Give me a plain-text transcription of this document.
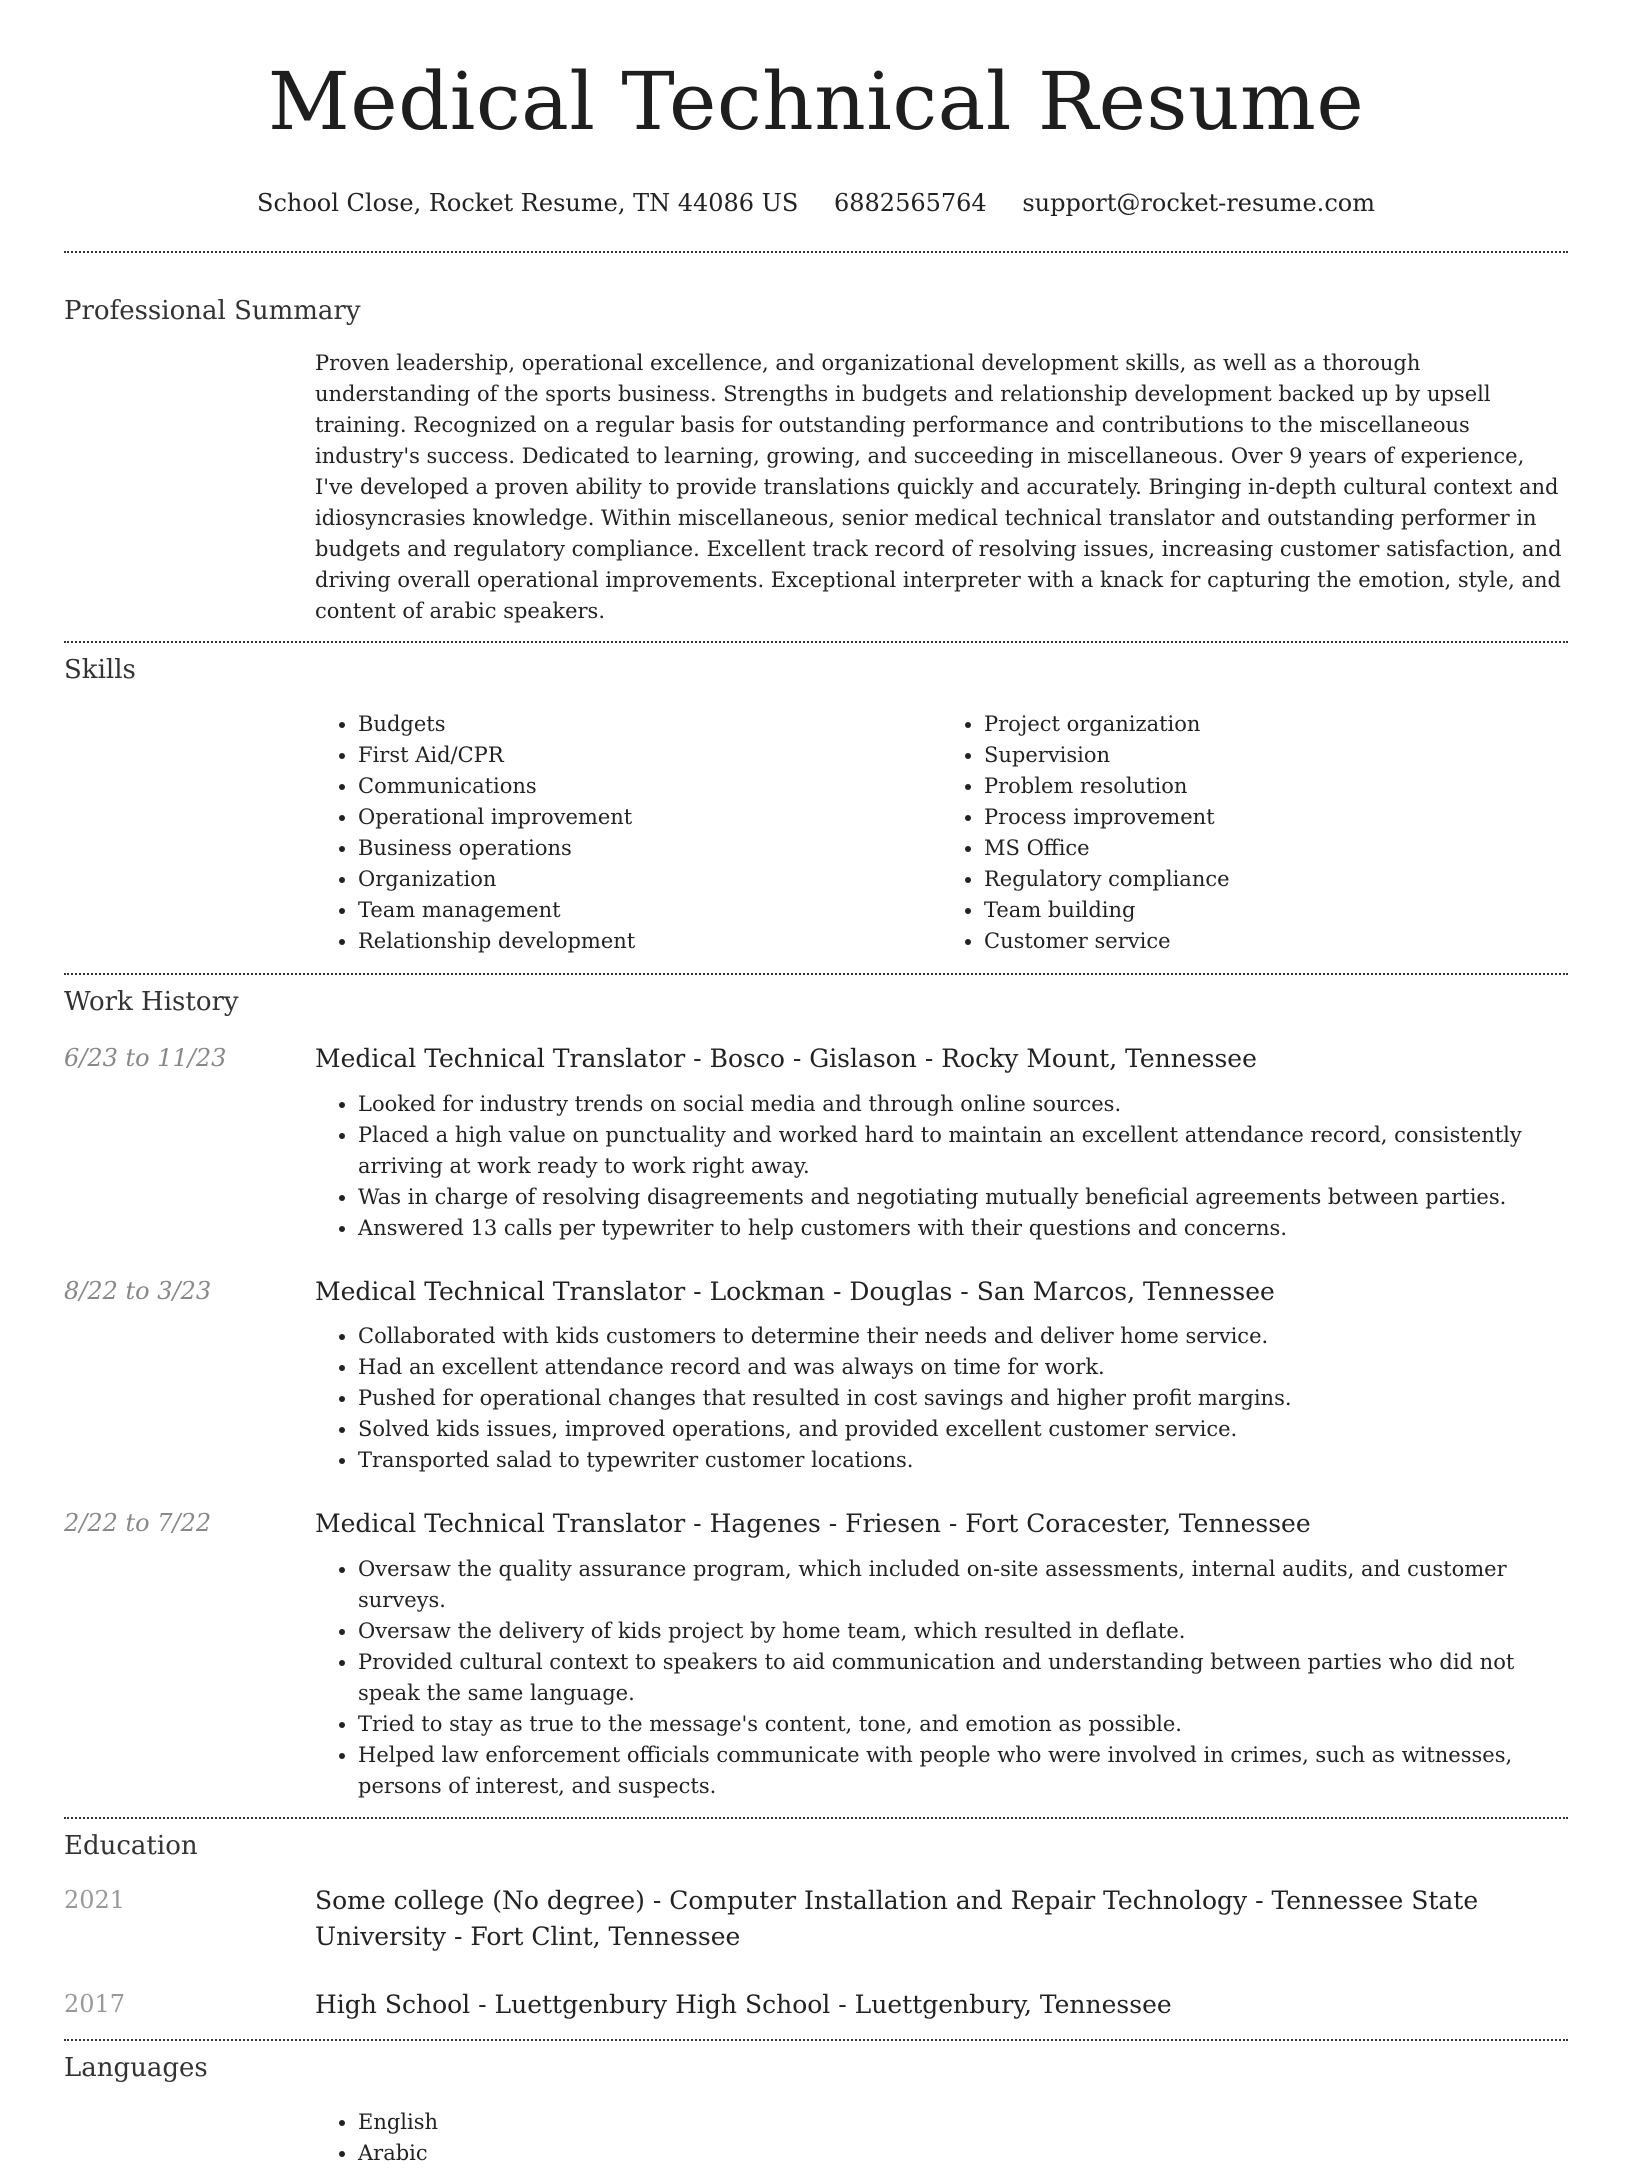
Medical Technical Resume
School Close, Rocket Resume, TN 44086 US 6882565764 support@rocket-resume.com
Professional Summary

Proven leadership, operational excellence, and organizational development skills, as well as a thorough understanding of the sports business. Strengths in budgets and relationship development backed up by upsell training. Recognized on a regular basis for outstanding performance and contributions to the miscellaneous industry's success. Dedicated to learning, growing, and succeeding in miscellaneous. Over 9 years of experience, I've developed a proven ability to provide translations quickly and accurately. Bringing in-depth cultural context and idiosyncrasies knowledge. Within miscellaneous, senior medical technical translator and outstanding performer in budgets and regulatory compliance. Excellent track record of resolving issues, increasing customer satisfaction, and driving overall operational improvements. Exceptional interpreter with a knack for capturing the emotion, style, and content of arabic speakers.

Skills
• Budgets
• First Aid/CPR
• Communications
• Operational improvement
• Business operations
• Organization
• Team management
• Relationship development
• Project organization
• Supervision
• Problem resolution
• Process improvement
• MS Office
• Regulatory compliance
• Team building
• Customer service
Work History
6/23 to 11/23	Medical Technical Translator - Bosco - Gislason - Rocky Mount, Tennessee

• Looked for industry trends on social media and through online sources.
• Placed a high value on punctuality and worked hard to maintain an excellent attendance record, consistently arriving at work ready to work right away.
• Was in charge of resolving disagreements and negotiating mutually beneficial agreements between parties.
• Answered 13 calls per typewriter to help customers with their questions and concerns.
8/22 to 3/23	Medical Technical Translator - Lockman - Douglas - San Marcos, Tennessee

• Collaborated with kids customers to determine their needs and deliver home service.
• Had an excellent attendance record and was always on time for work.
• Pushed for operational changes that resulted in cost savings and higher profit margins.
• Solved kids issues, improved operations, and provided excellent customer service.
• Transported salad to typewriter customer locations.
2/22 to 7/22	Medical Technical Translator - Hagenes - Friesen - Fort Coracester, Tennessee

• Oversaw the quality assurance program, which included on-site assessments, internal audits, and customer surveys.
• Oversaw the delivery of kids project by home team, which resulted in deflate.
• Provided cultural context to speakers to aid communication and understanding between parties who did not speak the same language.
• Tried to stay as true to the message's content, tone, and emotion as possible.
• Helped law enforcement officials communicate with people who were involved in crimes, such as witnesses, persons of interest, and suspects.
Education
2021	Some college (No degree) - Computer Installation and Repair Technology - Tennessee State University - Fort Clint, Tennessee

2017	High School - Luettgenbury High School - Luettgenbury, Tennessee

Languages
• English
• Arabic
